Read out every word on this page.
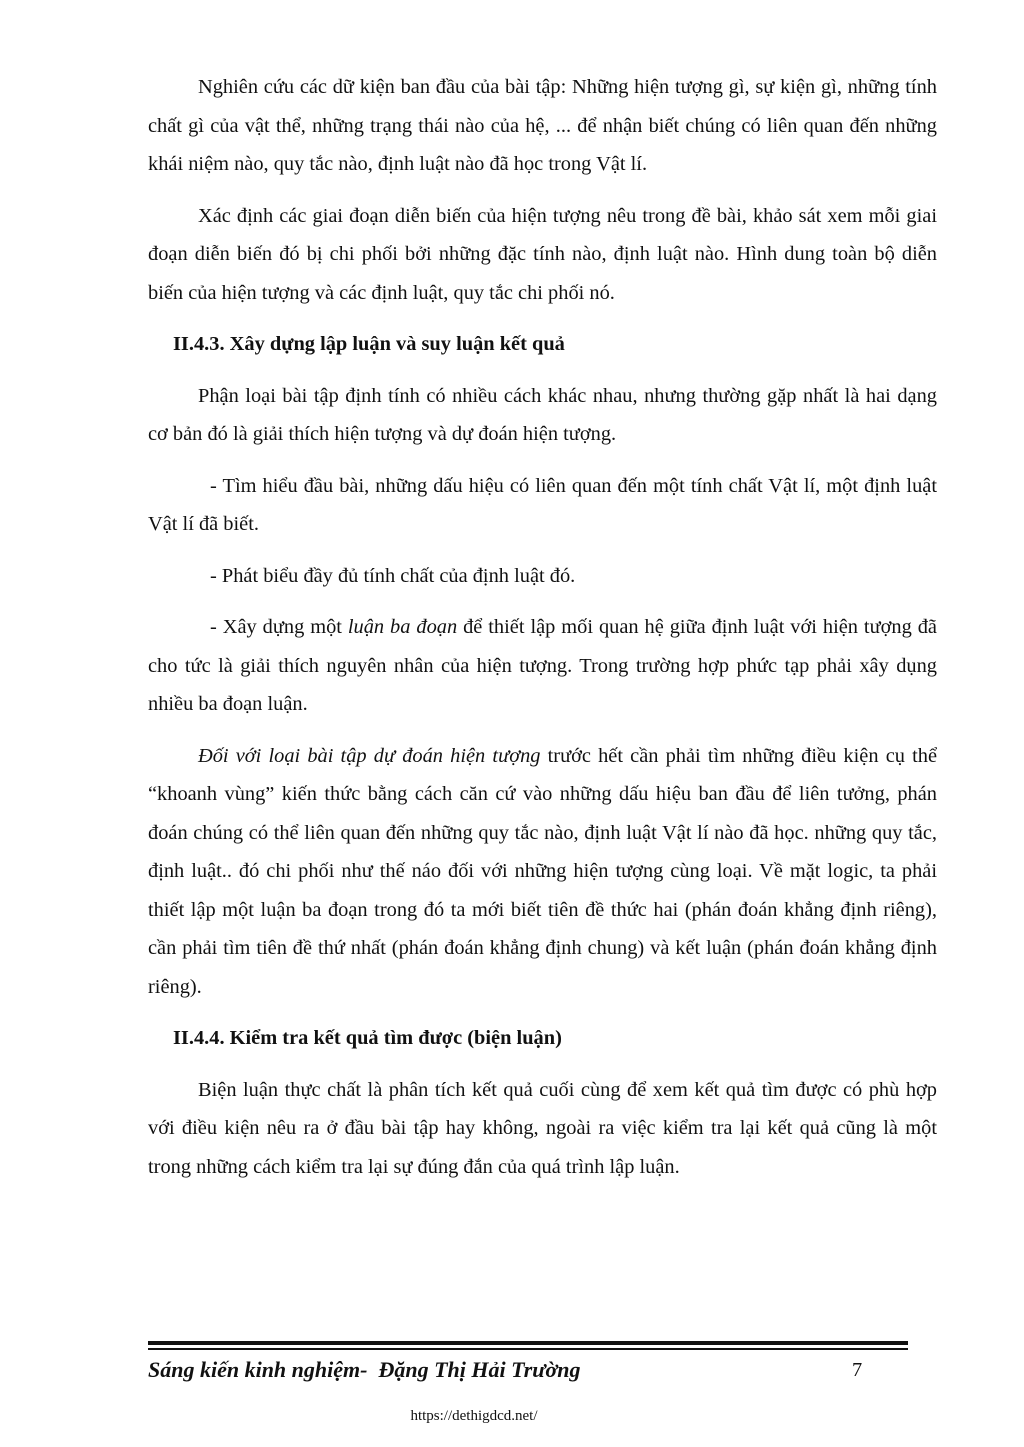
Nghiên cứu các dữ kiện ban đầu của bài tập: Những hiện tượng gì, sự kiện gì, những tính chất gì của vật thể, những trạng thái nào của hệ, ... để nhận biết chúng có liên quan đến những khái niệm nào, quy tắc nào, định luật nào đã học trong Vật lí.

Xác định các giai đoạn diễn biến của hiện tượng nêu trong đề bài, khảo sát xem mỗi giai đoạn diễn biến đó bị chi phối bởi những đặc tính nào, định luật nào. Hình dung toàn bộ diễn biến của hiện tượng và các định luật, quy tắc chi phối nó.

II.4.3. Xây dựng lập luận và suy luận kết quả

Phận loại bài tập định tính có nhiều cách khác nhau, nhưng thường gặp nhất là hai dạng cơ bản đó là giải thích hiện tượng và dự đoán hiện tượng.

- Tìm hiểu đầu bài, những dấu hiệu có liên quan đến một tính chất Vật lí, một định luật Vật lí đã biết.

- Phát biểu đầy đủ tính chất của định luật đó.

- Xây dựng một luận ba đoạn để thiết lập mối quan hệ giữa định luật với hiện tượng đã cho tức là giải thích nguyên nhân của hiện tượng. Trong trường hợp phức tạp phải xây dụng nhiều ba đoạn luận.

Đối với loại bài tập dự đoán hiện tượng trước hết cần phải tìm những điều kiện cụ thể “khoanh vùng” kiến thức bằng cách căn cứ vào những dấu hiệu ban đầu để liên tưởng, phán đoán chúng có thể liên quan đến những quy tắc nào, định luật Vật lí nào đã học. những quy tắc, định luật.. đó chi phối như thế náo đối với những hiện tượng cùng loại. Về mặt logic, ta phải thiết lập một luận ba đoạn trong đó ta mới biết tiên đề thức hai (phán đoán khẳng định riêng), cần phải tìm tiên đề thứ nhất (phán đoán khẳng định chung) và kết luận (phán đoán khẳng định riêng).

II.4.4. Kiểm tra kết quả tìm được (biện luận)

Biện luận thực chất là phân tích kết quả cuối cùng để xem kết quả tìm được có phù hợp với điều kiện nêu ra ở đầu bài tập hay không, ngoài ra việc kiểm tra lại kết quả cũng là một trong những cách kiểm tra lại sự đúng đắn của quá trình lập luận.

Sáng kiến kinh nghiệm-  Đặng Thị Hải Trường	7
https://dethigdcd.net/
